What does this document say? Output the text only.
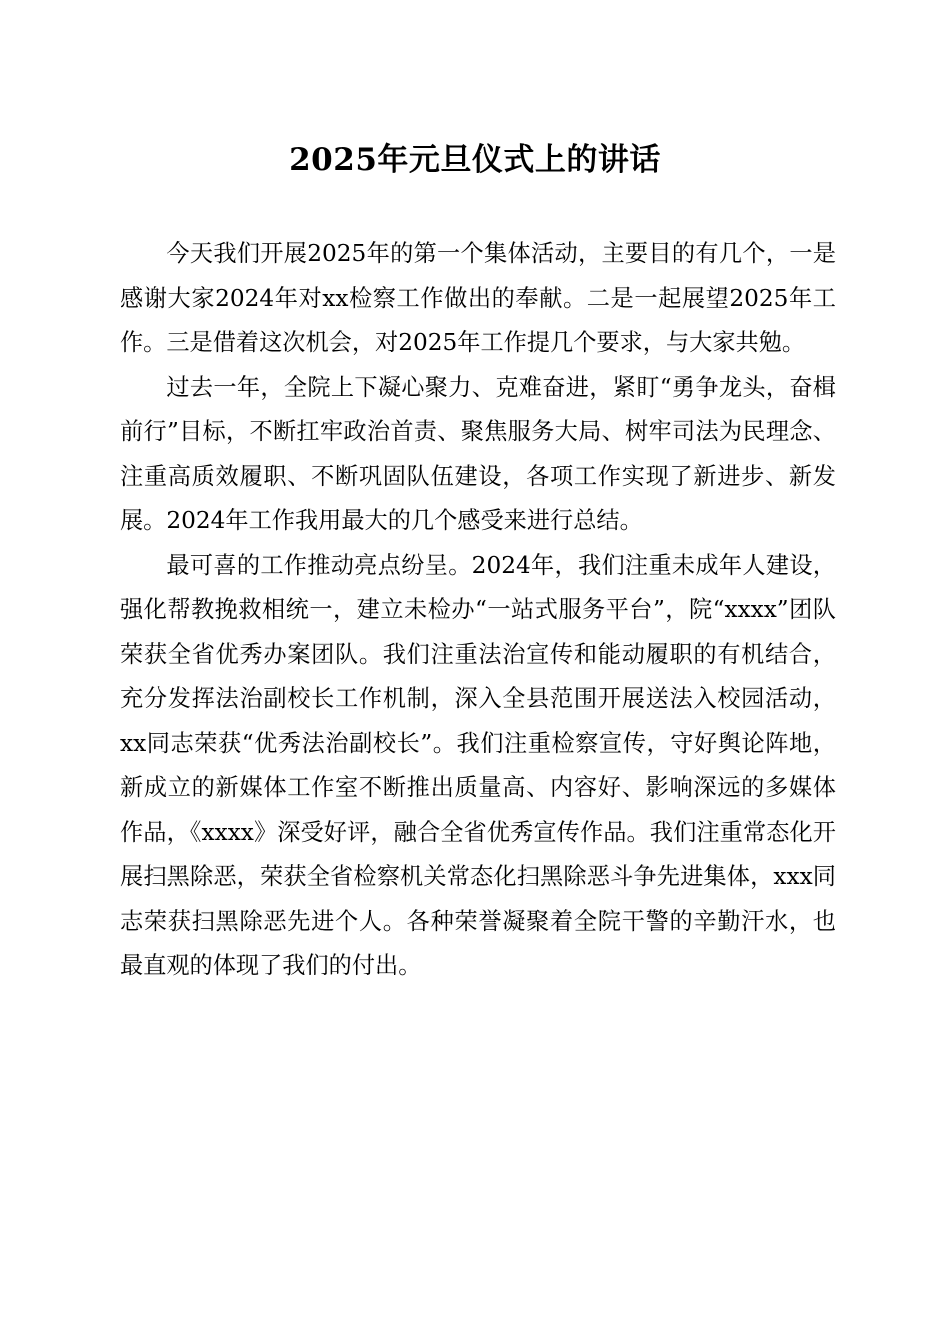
2025年元旦仪式上的讲话

今天我们开展2025年的第一个集体活动，主要目的有几个，一是感谢大家2024年对xx检察工作做出的奉献。二是一起展望2025年工作。三是借着这次机会，对2025年工作提几个要求，与大家共勉。

过去一年，全院上下凝心聚力、克难奋进，紧盯“勇争龙头，奋楫前行”目标，不断扛牢政治首责、聚焦服务大局、树牢司法为民理念、注重高质效履职、不断巩固队伍建设，各项工作实现了新进步、新发展。2024年工作我用最大的几个感受来进行总结。

最可喜的工作推动亮点纷呈。2024年，我们注重未成年人建设，强化帮教挽救相统一，建立未检办“一站式服务平台”，院“xxxx”团队荣获全省优秀办案团队。我们注重法治宣传和能动履职的有机结合，充分发挥法治副校长工作机制，深入全县范围开展送法入校园活动，xx同志荣获“优秀法治副校长”。我们注重检察宣传，守好舆论阵地，新成立的新媒体工作室不断推出质量高、内容好、影响深远的多媒体作品，《xxxx》深受好评，融合全省优秀宣传作品。我们注重常态化开展扫黑除恶，荣获全省检察机关常态化扫黑除恶斗争先进集体，xxx同志荣获扫黑除恶先进个人。各种荣誉凝聚着全院干警的辛勤汗水，也最直观的体现了我们的付出。
